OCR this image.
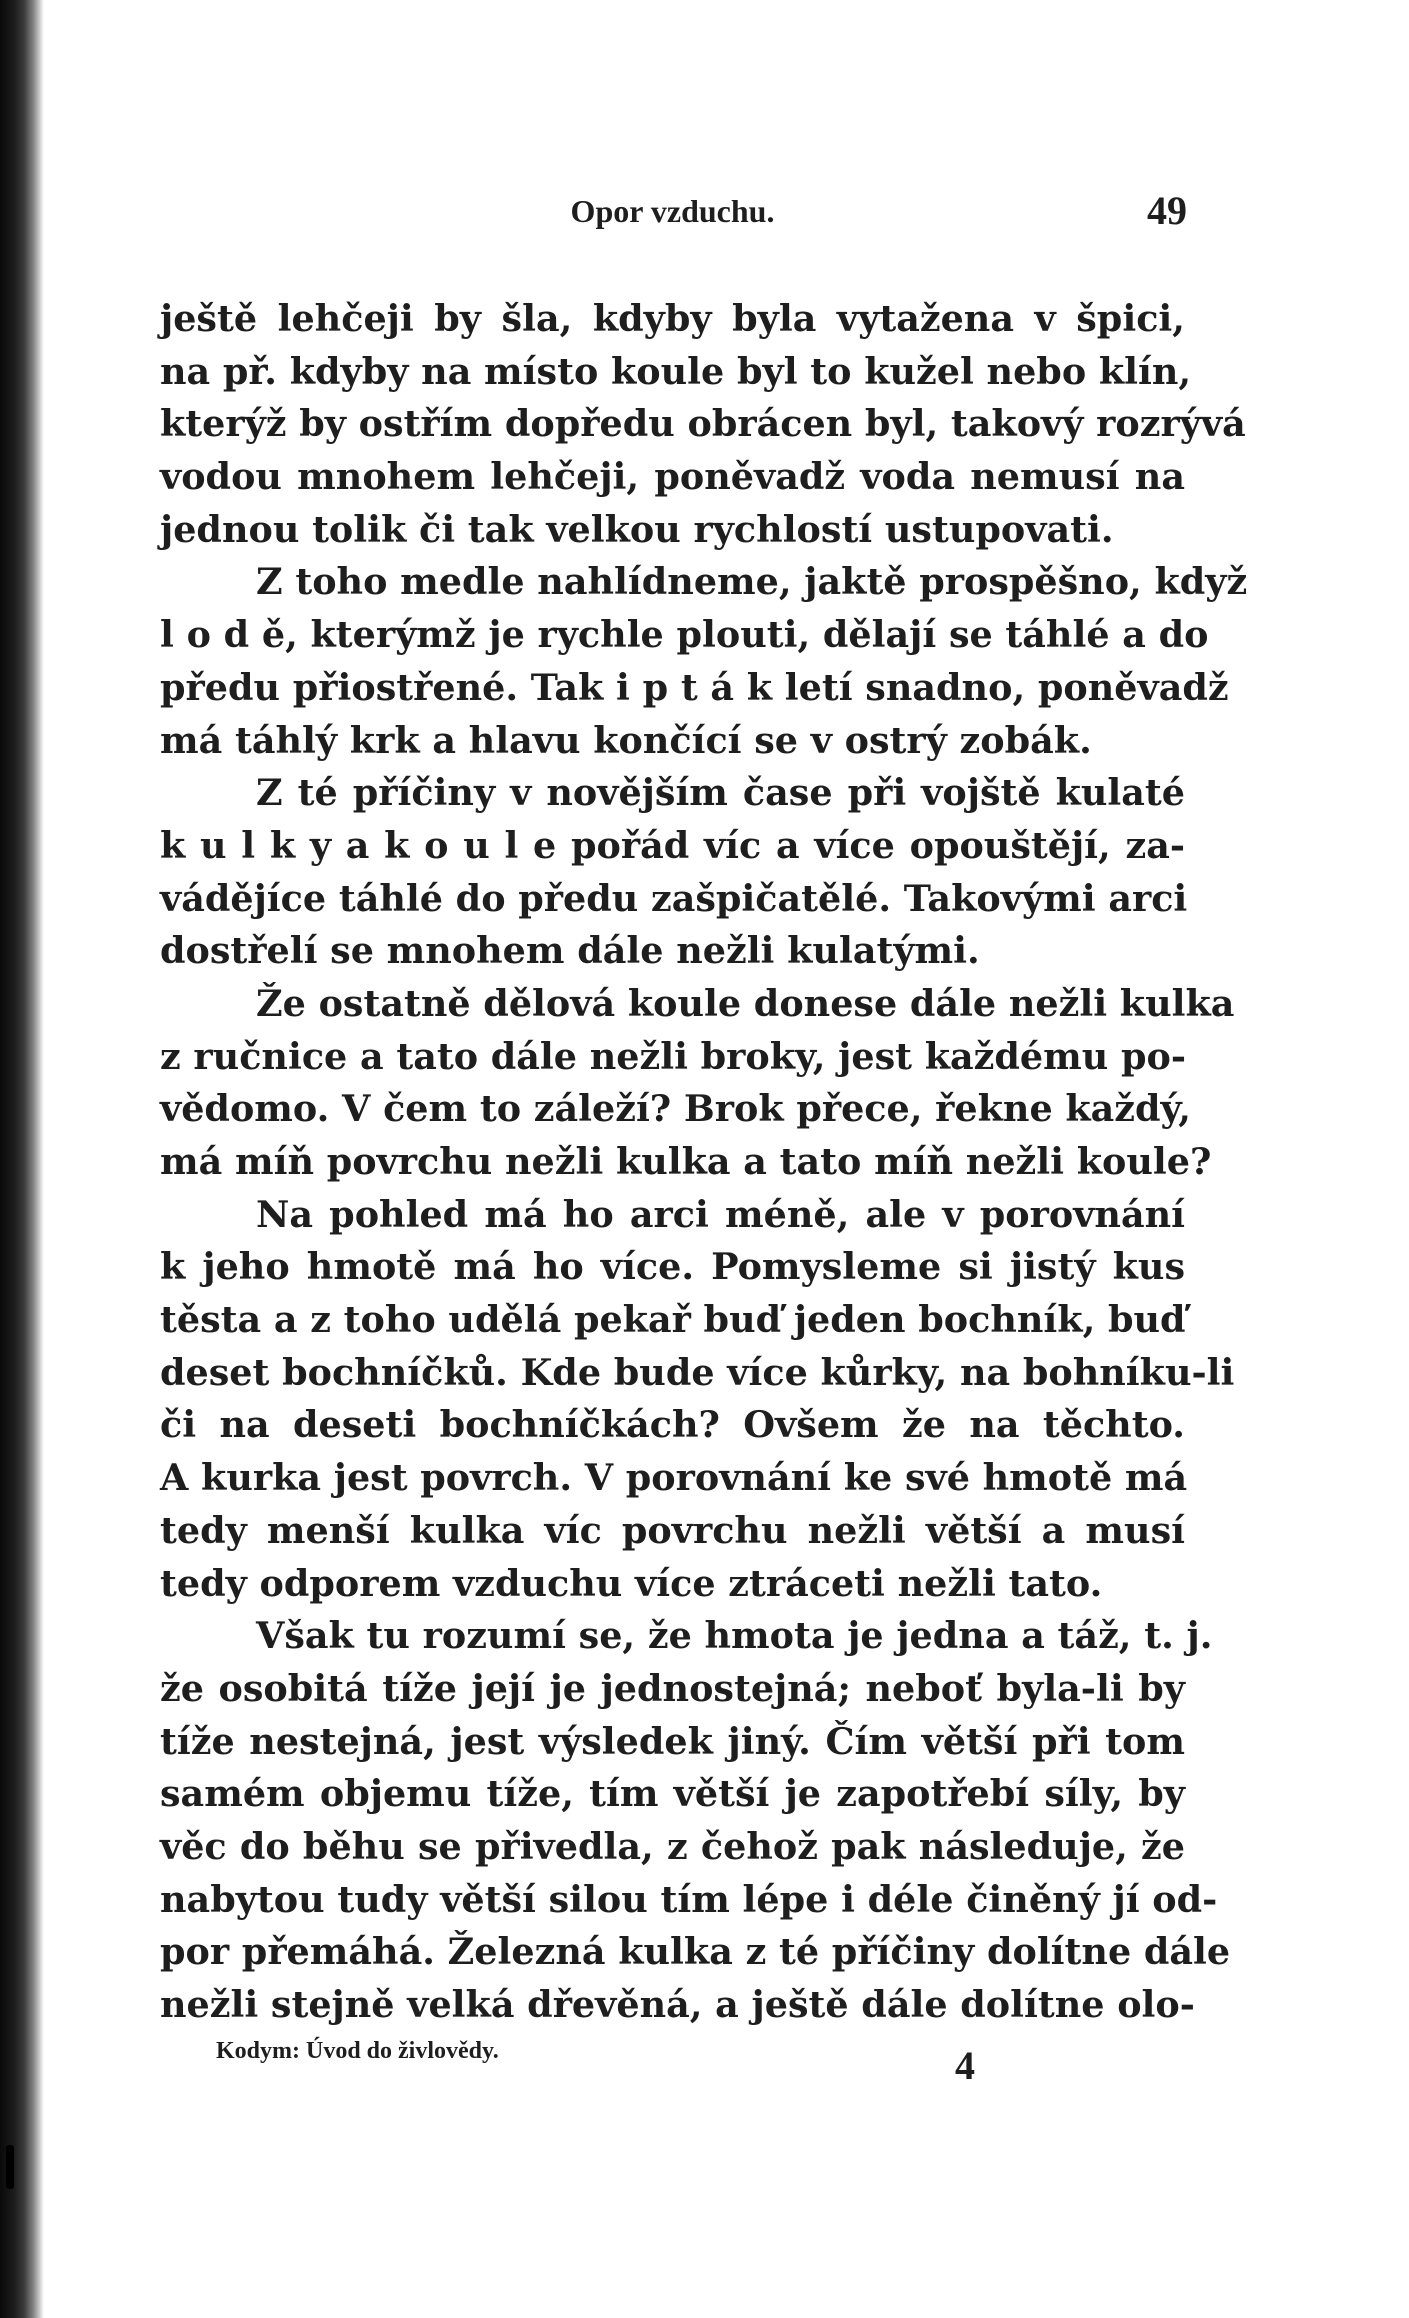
Opor vzduchu.	49
ještě lehčeji by šla, kdyby byla vytažena v špici,
na př. kdyby na místo koule byl to kužel nebo klín,
kterýž by ostřím dopředu obrácen byl, takový rozrývá
vodou mnohem lehčeji, poněvadž voda nemusí na
jednou tolik či tak velkou rychlostí ustupovati.
Z toho medle nahlídneme, jaktě prospěšno, když
l o d ě, kterýmž je rychle plouti, dělají se táhlé a do
předu přiostřené. Tak i p t á k letí snadno, poněvadž
má táhlý krk a hlavu končící se v ostrý zobák.
Z té příčiny v novějším čase při vojště kulaté
k u l k y a k o u l e pořád víc a více opouštějí, za-
vádějíce táhlé do předu zašpičatělé. Takovými arci
dostřelí se mnohem dále nežli kulatými.
Že ostatně dělová koule donese dále nežli kulka
z ručnice a tato dále nežli broky, jest každému po-
vědomo. V čem to záleží? Brok přece, řekne každý,
má míň povrchu nežli kulka a tato míň nežli koule?
Na pohled má ho arci méně, ale v porovnání
k jeho hmotě má ho více. Pomysleme si jistý kus
těsta a z toho udělá pekař buď jeden bochník, buď
deset bochníčků. Kde bude více kůrky, na bohníku-li
či na deseti bochníčkách? Ovšem že na těchto.
A kurka jest povrch. V porovnání ke své hmotě má
tedy menší kulka víc povrchu nežli větší a musí
tedy odporem vzduchu více ztráceti nežli tato.
Však tu rozumí se, že hmota je jedna a táž, t. j.
že osobitá tíže její je jednostejná; neboť byla-li by
tíže nestejná, jest výsledek jiný. Čím větší při tom
samém objemu tíže, tím větší je zapotřebí síly, by
věc do běhu se přivedla, z čehož pak následuje, že
nabytou tudy větší silou tím lépe i déle činěný jí od-
por přemáhá. Železná kulka z té příčiny dolítne dále
nežli stejně velká dřevěná, a ještě dále dolítne olo-
Kodym: Úvod do živlovědy.	4
